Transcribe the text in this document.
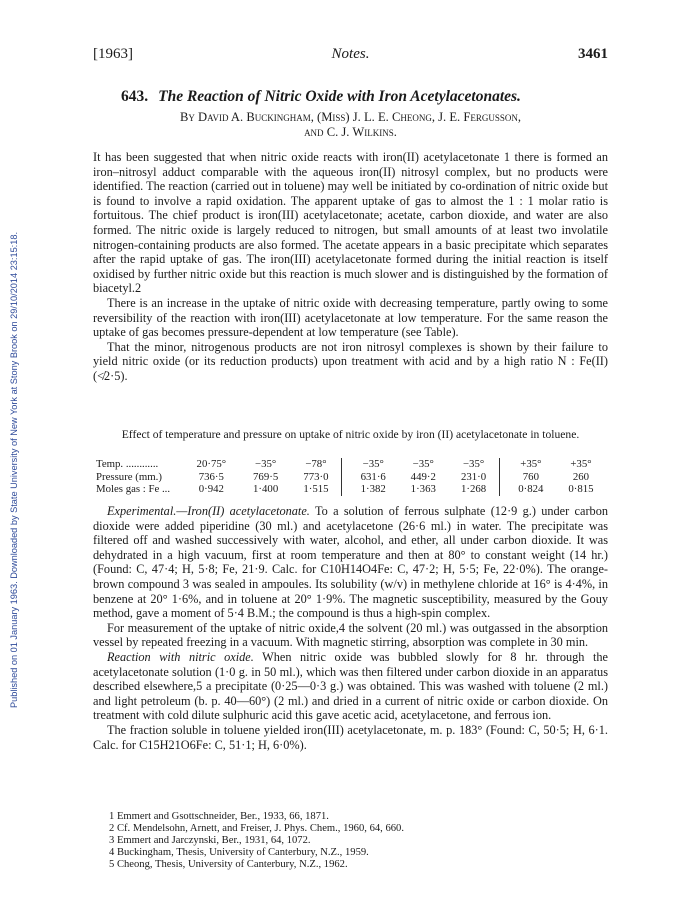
Published on 01 January 1963. Downloaded by State University of New York at Stony Brook on 29/10/2014 23:15:18.
[1963]	Notes.	3461
643. The Reaction of Nitric Oxide with Iron Acetylacetonates.
By David A. Buckingham, (Miss) J. L. E. Cheong, J. E. Fergusson,
and C. J. Wilkins.

It has been suggested that when nitric oxide reacts with iron(II) acetylacetonate 1 there is formed an iron–nitrosyl adduct comparable with the aqueous iron(II) nitrosyl complex, but no products were identified. The reaction (carried out in toluene) may well be initiated by co-ordination of nitric oxide but is found to involve a rapid oxidation. The apparent uptake of gas to almost the 1 : 1 molar ratio is fortuitous. The chief product is iron(III) acetylacetonate; acetate, carbon dioxide, and water are also formed. The nitric oxide is largely reduced to nitrogen, but small amounts of at least two involatile nitrogen-containing products are also formed. The acetate appears in a basic precipitate which separates after the rapid uptake of gas. The iron(III) acetylacetonate formed during the initial reaction is itself oxidised by further nitric oxide but this reaction is much slower and is distinguished by the formation of biacetyl.2

There is an increase in the uptake of nitric oxide with decreasing temperature, partly owing to some reversibility of the reaction with iron(III) acetylacetonate at low temperature. For the same reason the uptake of gas becomes pressure-dependent at low temperature (see Table).

That the minor, nitrogenous products are not iron nitrosyl complexes is shown by their failure to yield nitric oxide (or its reduction products) upon treatment with acid and by a high ratio N : Fe(II) (≮2·5).

Effect of temperature and pressure on uptake of nitric oxide by iron (II) acetylacetonate in toluene.
Temp. ............	20·75°	−35°	−78°		−35°	−35°	−35°		+35°	+35°
Pressure (mm.)	736·5	769·5	773·0		631·6	449·2	231·0		760	260
Moles gas : Fe ...	0·942	1·400	1·515		1·382	1·363	1·268		0·824	0·815

Experimental.—Iron(II) acetylacetonate. To a solution of ferrous sulphate (12·9 g.) under carbon dioxide were added piperidine (30 ml.) and acetylacetone (26·6 ml.) in water. The precipitate was filtered off and washed successively with water, alcohol, and ether, all under carbon dioxide. It was dehydrated in a high vacuum, first at room temperature and then at 80° to constant weight (14 hr.) (Found: C, 47·4; H, 5·8; Fe, 21·9. Calc. for C10H14O4Fe: C, 47·2; H, 5·5; Fe, 22·0%). The orange-brown compound 3 was sealed in ampoules. Its solubility (w/v) in methylene chloride at 16° is 4·4%, in benzene at 20° 1·6%, and in toluene at 20° 1·9%. The magnetic susceptibility, measured by the Gouy method, gave a moment of 5·4 B.M.; the compound is thus a high-spin complex.

For measurement of the uptake of nitric oxide,4 the solvent (20 ml.) was outgassed in the absorption vessel by repeated freezing in a vacuum. With magnetic stirring, absorption was complete in 30 min.

Reaction with nitric oxide. When nitric oxide was bubbled slowly for 8 hr. through the acetylacetonate solution (1·0 g. in 50 ml.), which was then filtered under carbon dioxide in an apparatus described elsewhere,5 a precipitate (0·25—0·3 g.) was obtained. This was washed with toluene (2 ml.) and light petroleum (b. p. 40—60°) (2 ml.) and dried in a current of nitric oxide or carbon dioxide. On treatment with cold dilute sulphuric acid this gave acetic acid, acetylacetone, and ferrous ion.

The fraction soluble in toluene yielded iron(III) acetylacetonate, m. p. 183° (Found: C, 50·5; H, 6·1. Calc. for C15H21O6Fe: C, 51·1; H, 6·0%).

1 Emmert and Gsottschneider, Ber., 1933, 66, 1871.
2 Cf. Mendelsohn, Arnett, and Freiser, J. Phys. Chem., 1960, 64, 660.
3 Emmert and Jarczynski, Ber., 1931, 64, 1072.
4 Buckingham, Thesis, University of Canterbury, N.Z., 1959.
5 Cheong, Thesis, University of Canterbury, N.Z., 1962.
